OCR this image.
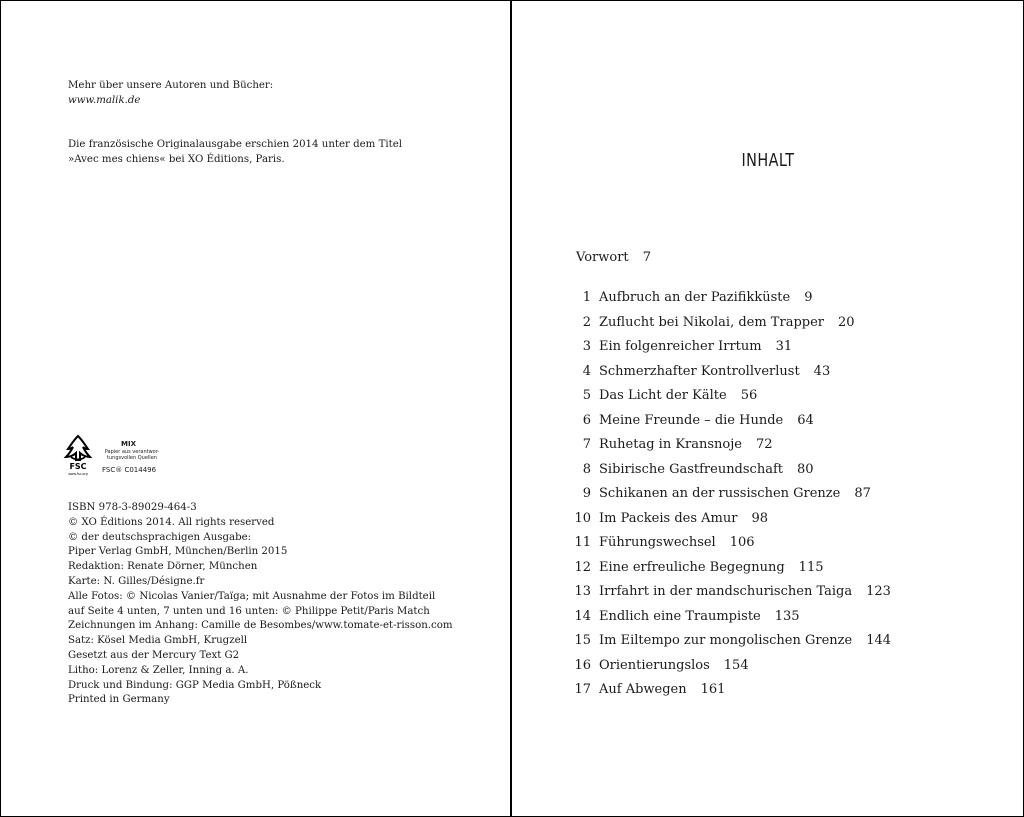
Mehr über unsere Autoren und Bücher:
www.malik.de
Die französische Originalausgabe erschien 2014 unter dem Titel
»Avec mes chiens« bei XO Éditions, Paris.
FSC
www.fsc.org
MIX
Papier aus verantwor-
tungsvollen Quellen
FSC® C014496
ISBN 978-3-89029-464-3
© XO Éditions 2014. All rights reserved
© der deutschsprachigen Ausgabe:
Piper Verlag GmbH, München/Berlin 2015
Redaktion: Renate Dörner, München
Karte: N. Gilles/Désigne.fr
Alle Fotos: © Nicolas Vanier/Taïga; mit Ausnahme der Fotos im Bildteil
auf Seite 4 unten, 7 unten und 16 unten: © Philippe Petit/Paris Match
Zeichnungen im Anhang: Camille de Besombes/www.tomate-et-risson.com
Satz: Kösel Media GmbH, Krugzell
Gesetzt aus der Mercury Text G2
Litho: Lorenz & Zeller, Inning a. A.
Druck und Bindung: GGP Media GmbH, Pößneck
Printed in Germany
INHALT
Vorwort 7
1 Aufbruch an der Pazifikküste 9
2 Zuflucht bei Nikolai, dem Trapper 20
3 Ein folgenreicher Irrtum 31
4 Schmerzhafter Kontrollverlust 43
5 Das Licht der Kälte 56
6 Meine Freunde – die Hunde 64
7 Ruhetag in Kransnoje 72
8 Sibirische Gastfreundschaft 80
9 Schikanen an der russischen Grenze 87
10 Im Packeis des Amur 98
11 Führungswechsel 106
12 Eine erfreuliche Begegnung 115
13 Irrfahrt in der mandschurischen Taiga 123
14 Endlich eine Traumpiste 135
15 Im Eiltempo zur mongolischen Grenze 144
16 Orientierungslos 154
17 Auf Abwegen 161
